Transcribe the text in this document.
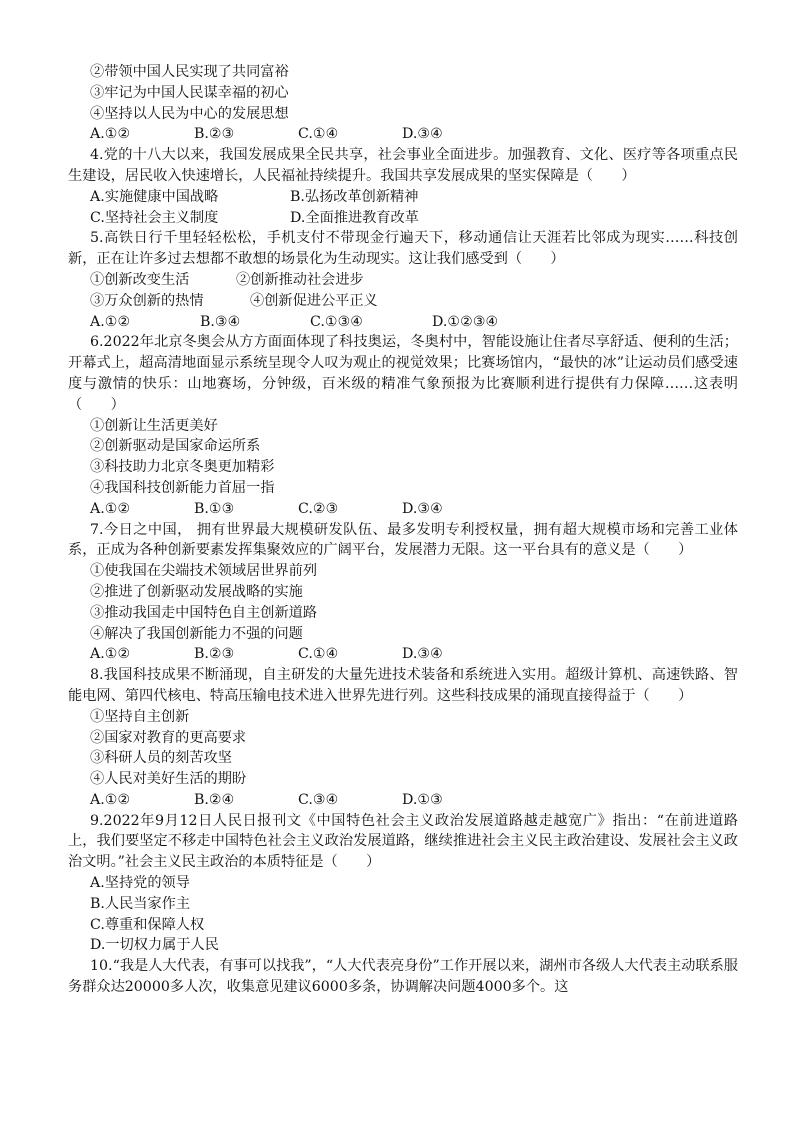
②带领中国人民实现了共同富裕
③牢记为中国人民谋幸福的初心
④坚持以人民为中心的发展思想
A.①②	B.②③	C.①④	D.③④
4.党的十八大以来，我国发展成果全民共享，社会事业全面进步。加强教育、文化、医疗等各项重点民生建设，居民收入快速增长，人民福祉持续提升。我国共享发展成果的坚实保障是（　　）
A.实施健康中国战略	B.弘扬改革创新精神
C.坚持社会主义制度	D.全面推进教育改革
5.高铁日行千里轻轻松松，手机支付不带现金行遍天下，移动通信让天涯若比邻成为现实……科技创新，正在让许多过去想都不敢想的场景化为生动现实。这让我们感受到（　　）
①创新改变生活	②创新推动社会进步
③万众创新的热情	④创新促进公平正义
A.①②	B.③④	C.①③④	D.①②③④
6.2022年北京冬奥会从方方面面体现了科技奥运，冬奥村中，智能设施让住者尽享舒适、便利的生活；开幕式上，超高清地面显示系统呈现令人叹为观止的视觉效果；比赛场馆内，“最快的冰”让运动员们感受速度与激情的快乐：山地赛场，分钟级，百米级的精准气象预报为比赛顺利进行提供有力保障……这表明（　　）
①创新让生活更美好
②创新驱动是国家命运所系
③科技助力北京冬奥更加精彩
④我国科技创新能力首屈一指
A.①②	B.①③	C.②③	D.③④
7.今日之中国， 拥有世界最大规模研发队伍、最多发明专利授权量，拥有超大规模市场和完善工业体系，正成为各种创新要素发挥集聚效应的广阔平台，发展潜力无限。这一平台具有的意义是（　　）
①使我国在尖端技术领域居世界前列
②推进了创新驱动发展战略的实施
③推动我国走中国特色自主创新道路
④解决了我国创新能力不强的问题
A.①②	B.②③	C.①④	D.③④
8.我国科技成果不断涌现，自主研发的大量先进技术装备和系统进入实用。超级计算机、高速铁路、智能电网、第四代核电、特高压输电技术进入世界先进行列。这些科技成果的涌现直接得益于（　　）
①坚持自主创新
②国家对教育的更高要求
③科研人员的刻苦攻坚
④人民对美好生活的期盼
A.①②	B.②④	C.③④	D.①③
9.2022年9月12日人民日报刊文《中国特色社会主义政治发展道路越走越宽广》指出：“在前进道路上，我们要坚定不移走中国特色社会主义政治发展道路，继续推进社会主义民主政治建设、发展社会主义政治文明。”社会主义民主政治的本质特征是（　　）
A.坚持党的领导
B.人民当家作主
C.尊重和保障人权
D.一切权力属于人民
10.“我是人大代表，有事可以找我”，“人大代表亮身份”工作开展以来，湖州市各级人大代表主动联系服务群众达20000多人次，收集意见建议6000多条，协调解决问题4000多个。这
